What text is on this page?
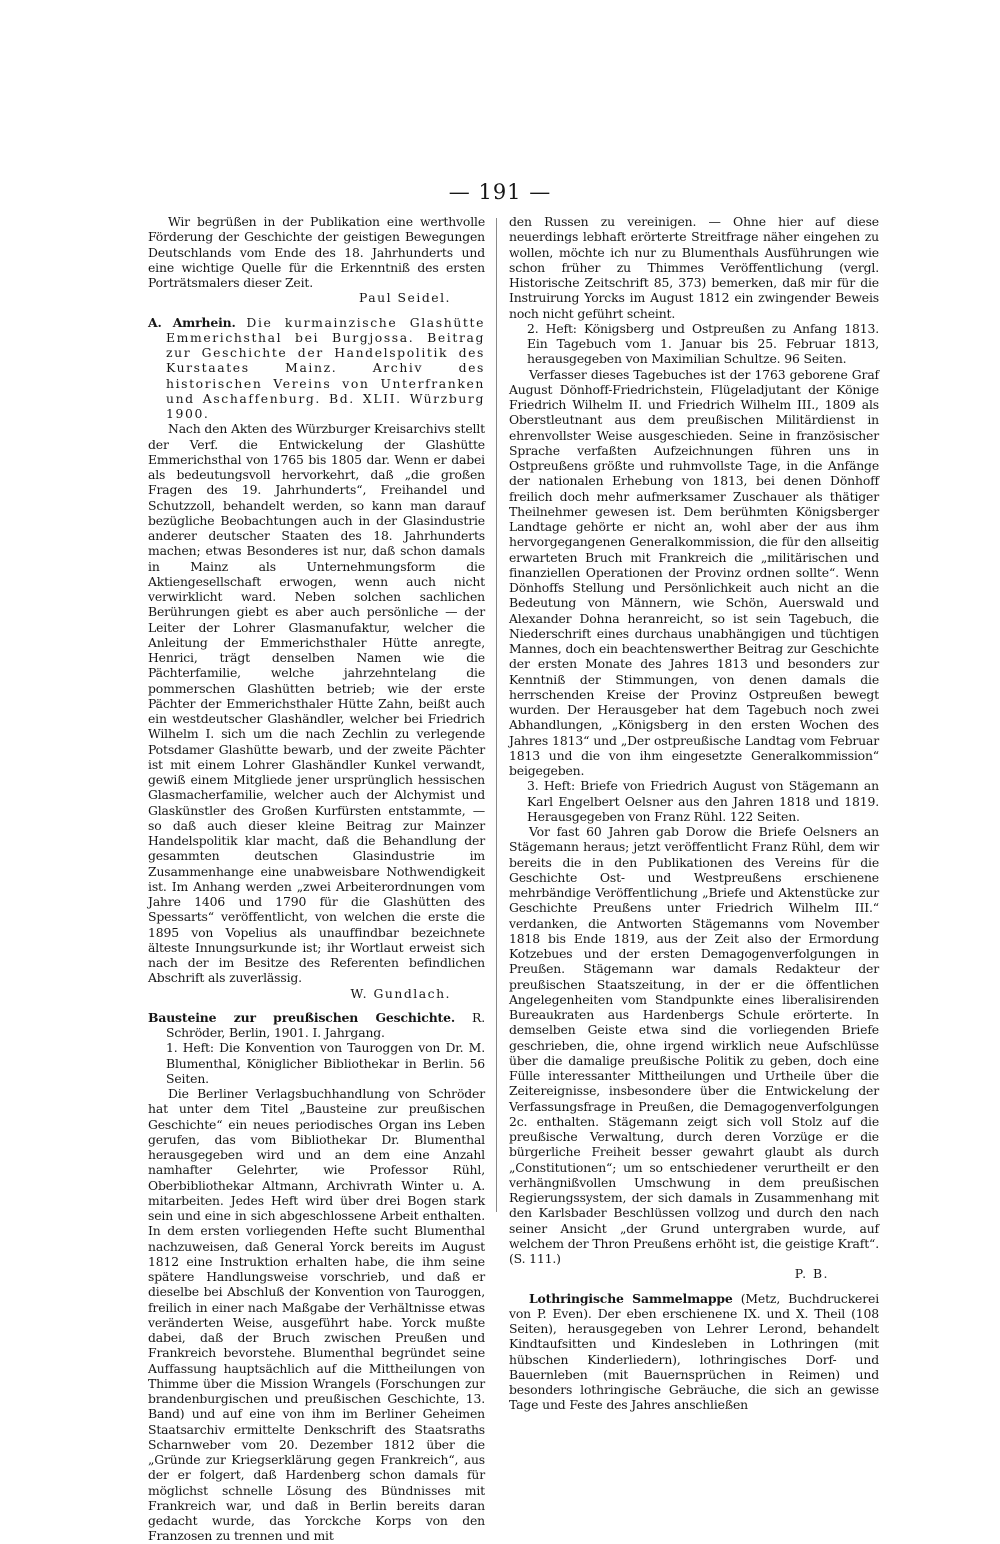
— 191 —

Wir begrüßen in der Publikation eine werthvolle Förderung der Geschichte der geistigen Bewegungen Deutschlands vom Ende des 18. Jahrhunderts und eine wichtige Quelle für die Erkenntniß des ersten Porträtsmalers dieser Zeit.

Paul Seidel.

A. Amrhein. Die kurmainzische Glashütte Emmerichsthal bei Burgjossa. Beitrag zur Geschichte der Handelspolitik des Kurstaates Mainz. Archiv des historischen Vereins von Unterfranken und Aschaffenburg. Bd. XLII. Würzburg 1900.

Nach den Akten des Würzburger Kreisarchivs stellt der Verf. die Entwickelung der Glashütte Emmerichsthal von 1765 bis 1805 dar. Wenn er dabei als bedeutungsvoll hervorkehrt, daß „die großen Fragen des 19. Jahrhunderts“, Freihandel und Schutzzoll, behandelt werden, so kann man darauf bezügliche Beobachtungen auch in der Glasindustrie anderer deutscher Staaten des 18. Jahrhunderts machen; etwas Besonderes ist nur, daß schon damals in Mainz als Unternehmungsform die Aktiengesellschaft erwogen, wenn auch nicht verwirklicht ward. Neben solchen sachlichen Berührungen giebt es aber auch persönliche — der Leiter der Lohrer Glasmanufaktur, welcher die Anleitung der Emmerichsthaler Hütte anregte, Henrici, trägt denselben Namen wie die Pächterfamilie, welche jahrzehntelang die pommerschen Glashütten betrieb; wie der erste Pächter der Emmerichsthaler Hütte Zahn, beißt auch ein westdeutscher Glashändler, welcher bei Friedrich Wilhelm I. sich um die nach Zechlin zu verlegende Potsdamer Glashütte bewarb, und der zweite Pächter ist mit einem Lohrer Glashändler Kunkel verwandt, gewiß einem Mitgliede jener ursprünglich hessischen Glasmacherfamilie, welcher auch der Alchymist und Glaskünstler des Großen Kurfürsten entstammte, — so daß auch dieser kleine Beitrag zur Mainzer Handelspolitik klar macht, daß die Behandlung der gesammten deutschen Glasindustrie im Zusammenhange eine unabweisbare Nothwendigkeit ist. Im Anhang werden „zwei Arbeiterordnungen vom Jahre 1406 und 1790 für die Glashütten des Spessarts“ veröffentlicht, von welchen die erste die 1895 von Vopelius als unauffindbar bezeichnete älteste Innungsurkunde ist; ihr Wortlaut erweist sich nach der im Besitze des Referenten befindlichen Abschrift als zuverlässig.

W. Gundlach.

Bausteine zur preußischen Geschichte. R. Schröder, Berlin, 1901. I. Jahrgang.

1. Heft: Die Konvention von Tauroggen von Dr. M. Blumenthal, Königlicher Bibliothekar in Berlin. 56 Seiten.

Die Berliner Verlagsbuchhandlung von Schröder hat unter dem Titel „Bausteine zur preußischen Geschichte“ ein neues periodisches Organ ins Leben gerufen, das vom Bibliothekar Dr. Blumenthal herausgegeben wird und an dem eine Anzahl namhafter Gelehrter, wie Professor Rühl, Oberbibliothekar Altmann, Archivrath Winter u. A. mitarbeiten. Jedes Heft wird über drei Bogen stark sein und eine in sich abgeschlossene Arbeit enthalten. In dem ersten vorliegenden Hefte sucht Blumenthal nachzuweisen, daß General Yorck bereits im August 1812 eine Instruktion erhalten habe, die ihm seine spätere Handlungsweise vorschrieb, und daß er dieselbe bei Abschluß der Konvention von Tauroggen, freilich in einer nach Maßgabe der Verhältnisse etwas veränderten Weise, ausgeführt habe. Yorck mußte dabei, daß der Bruch zwischen Preußen und Frankreich bevorstehe. Blumenthal begründet seine Auffassung hauptsächlich auf die Mittheilungen von Thimme über die Mission Wrangels (Forschungen zur brandenburgischen und preußischen Geschichte, 13. Band) und auf eine von ihm im Berliner Geheimen Staatsarchiv ermittelte Denkschrift des Staatsraths Scharnweber vom 20. Dezember 1812 über die „Gründe zur Kriegserklärung gegen Frankreich“, aus der er folgert, daß Hardenberg schon damals für möglichst schnelle Lösung des Bündnisses mit Frankreich war, und daß in Berlin bereits daran gedacht wurde, das Yorckche Korps von den Franzosen zu trennen und mit

den Russen zu vereinigen. — Ohne hier auf diese neuerdings lebhaft erörterte Streitfrage näher eingehen zu wollen, möchte ich nur zu Blumenthals Ausführungen wie schon früher zu Thimmes Veröffentlichung (vergl. Historische Zeitschrift 85, 373) bemerken, daß mir für die Instruirung Yorcks im August 1812 ein zwingender Beweis noch nicht geführt scheint.

2. Heft: Königsberg und Ostpreußen zu Anfang 1813. Ein Tagebuch vom 1. Januar bis 25. Februar 1813, herausgegeben von Maximilian Schultze. 96 Seiten.

Verfasser dieses Tagebuches ist der 1763 geborene Graf August Dönhoff-Friedrichstein, Flügeladjutant der Könige Friedrich Wilhelm II. und Friedrich Wilhelm III., 1809 als Oberstleutnant aus dem preußischen Militärdienst in ehrenvollster Weise ausgeschieden. Seine in französischer Sprache verfaßten Aufzeichnungen führen uns in Ostpreußens größte und ruhmvollste Tage, in die Anfänge der nationalen Erhebung von 1813, bei denen Dönhoff freilich doch mehr aufmerksamer Zuschauer als thätiger Theilnehmer gewesen ist. Dem berühmten Königsberger Landtage gehörte er nicht an, wohl aber der aus ihm hervorgegangenen Generalkommission, die für den allseitig erwarteten Bruch mit Frankreich die „militärischen und finanziellen Operationen der Provinz ordnen sollte“. Wenn Dönhoffs Stellung und Persönlichkeit auch nicht an die Bedeutung von Männern, wie Schön, Auerswald und Alexander Dohna heranreicht, so ist sein Tagebuch, die Niederschrift eines durchaus unabhängigen und tüchtigen Mannes, doch ein beachtenswerther Beitrag zur Geschichte der ersten Monate des Jahres 1813 und besonders zur Kenntniß der Stimmungen, von denen damals die herrschenden Kreise der Provinz Ostpreußen bewegt wurden. Der Herausgeber hat dem Tagebuch noch zwei Abhandlungen, „Königsberg in den ersten Wochen des Jahres 1813“ und „Der ostpreußische Landtag vom Februar 1813 und die von ihm eingesetzte Generalkommission“ beigegeben.

3. Heft: Briefe von Friedrich August von Stägemann an Karl Engelbert Oelsner aus den Jahren 1818 und 1819. Herausgegeben von Franz Rühl. 122 Seiten.

Vor fast 60 Jahren gab Dorow die Briefe Oelsners an Stägemann heraus; jetzt veröffentlicht Franz Rühl, dem wir bereits die in den Publikationen des Vereins für die Geschichte Ost- und Westpreußens erschienene mehrbändige Veröffentlichung „Briefe und Aktenstücke zur Geschichte Preußens unter Friedrich Wilhelm III.“ verdanken, die Antworten Stägemanns vom November 1818 bis Ende 1819, aus der Zeit also der Ermordung Kotzebues und der ersten Demagogenverfolgungen in Preußen. Stägemann war damals Redakteur der preußischen Staatszeitung, in der er die öffentlichen Angelegenheiten vom Standpunkte eines liberalisirenden Bureaukraten aus Hardenbergs Schule erörterte. In demselben Geiste etwa sind die vorliegenden Briefe geschrieben, die, ohne irgend wirklich neue Aufschlüsse über die damalige preußische Politik zu geben, doch eine Fülle interessanter Mittheilungen und Urtheile über die Zeitereignisse, insbesondere über die Entwickelung der Verfassungsfrage in Preußen, die Demagogenverfolgungen 2c. enthalten. Stägemann zeigt sich voll Stolz auf die preußische Verwaltung, durch deren Vorzüge er die bürgerliche Freiheit besser gewahrt glaubt als durch „Constitutionen“; um so entschiedener verurtheilt er den verhängnißvollen Umschwung in dem preußischen Regierungssystem, der sich damals in Zusammenhang mit den Karlsbader Beschlüssen vollzog und durch den nach seiner Ansicht „der Grund untergraben wurde, auf welchem der Thron Preußens erhöht ist, die geistige Kraft“. (S. 111.)

P. B.

Lothringische Sammelmappe (Metz, Buchdruckerei von P. Even). Der eben erschienene IX. und X. Theil (108 Seiten), herausgegeben von Lehrer Lerond, behandelt Kindtaufsitten und Kindesleben in Lothringen (mit hübschen Kinderliedern), lothringisches Dorf- und Bauernleben (mit Bauernsprüchen in Reimen) und besonders lothringische Gebräuche, die sich an gewisse Tage und Feste des Jahres anschließen
